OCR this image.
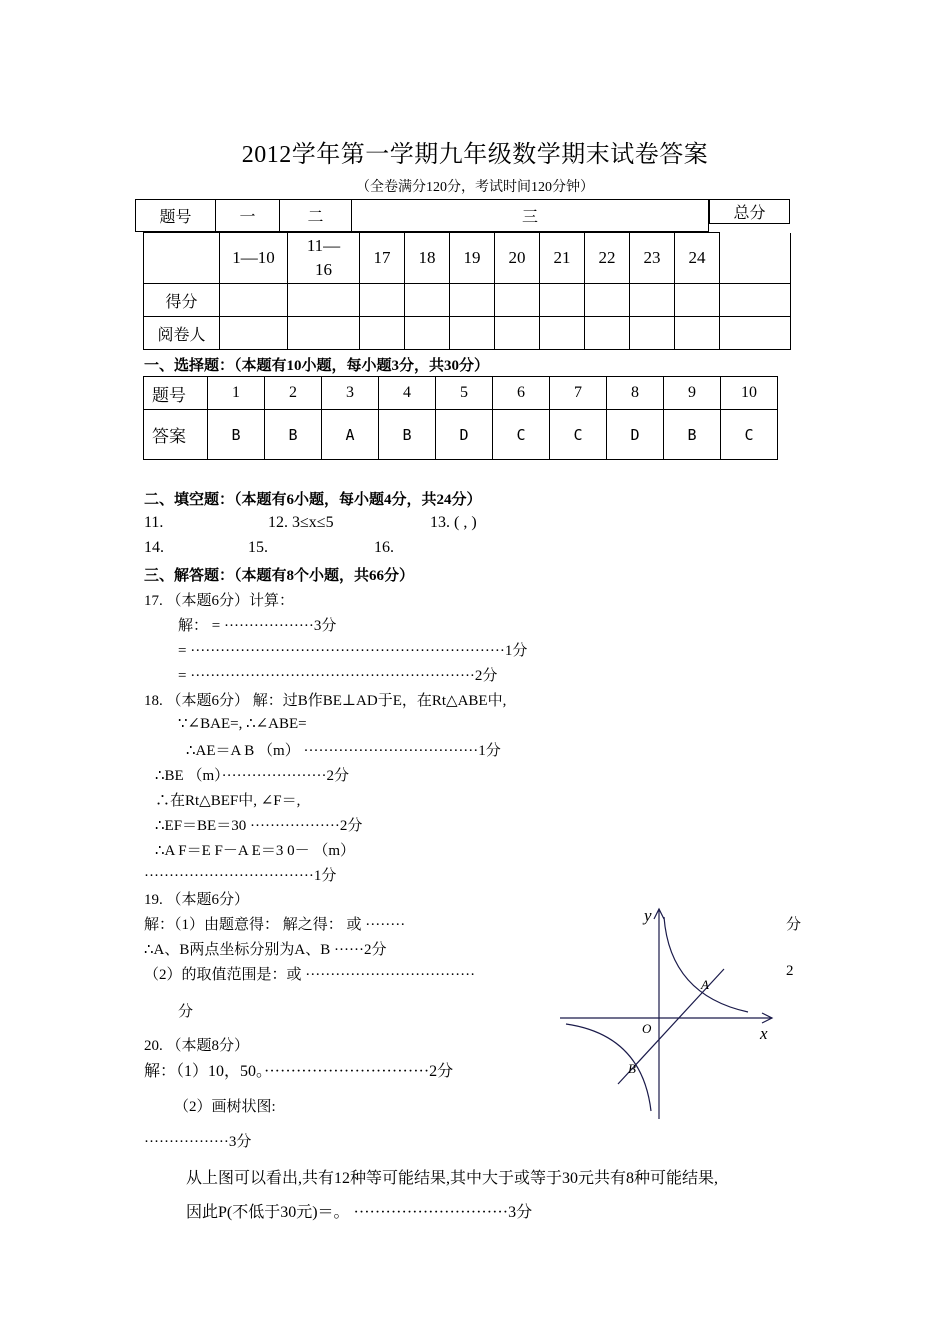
2012学年第一学期九年级数学期末试卷答案
（全卷满分120分，考试时间120分钟）
题号	一	二	三	总分
	1—10	11—16	17	18	19	20	21	22	23	24	
得分											
阅卷人											
一、选择题：（本题有10小题，每小题3分，共30分）
题号	1	2	3	4	5	6	7	8	9	10
答案	B	B	A	B	D	C	C	D	B	C
二、填空题：（本题有6小题，每小题4分，共24分）
11.	12. 3≤x≤5	13. ( , )
14.	15.	16.
三、解答题：（本题有8个小题，共66分）
17. （本题6分）计算：
解： = ··················3分
= ·······························································1分
= ·························································2分
18. （本题6分） 解：过B作BE⊥AD于E，在Rt△ABE中,
∵∠BAE=, ∴∠ABE=
∴AE＝A B （m） ···································1分
∴BE （m）·····················2分
∴在Rt△BEF中, ∠F＝,
∴EF＝BE＝30 ··················2分
∴A F＝E F－A E＝3 0－ （m）
··································1分
19. （本题6分）
解：（1）由题意得： 解之得： 或 ········
∴A、B两点坐标分别为A、B ······2分
（2）的取值范围是：或 ··································
分
20. （本题8分）
解：（1）10，50。·······························2分
（2）画树状图:
·················3分
从上图可以看出,共有12种等可能结果,其中大于或等于30元共有8种可能结果,
因此P(不低于30元)＝。 ·····························3分
分
2
y
x
O
A
B
